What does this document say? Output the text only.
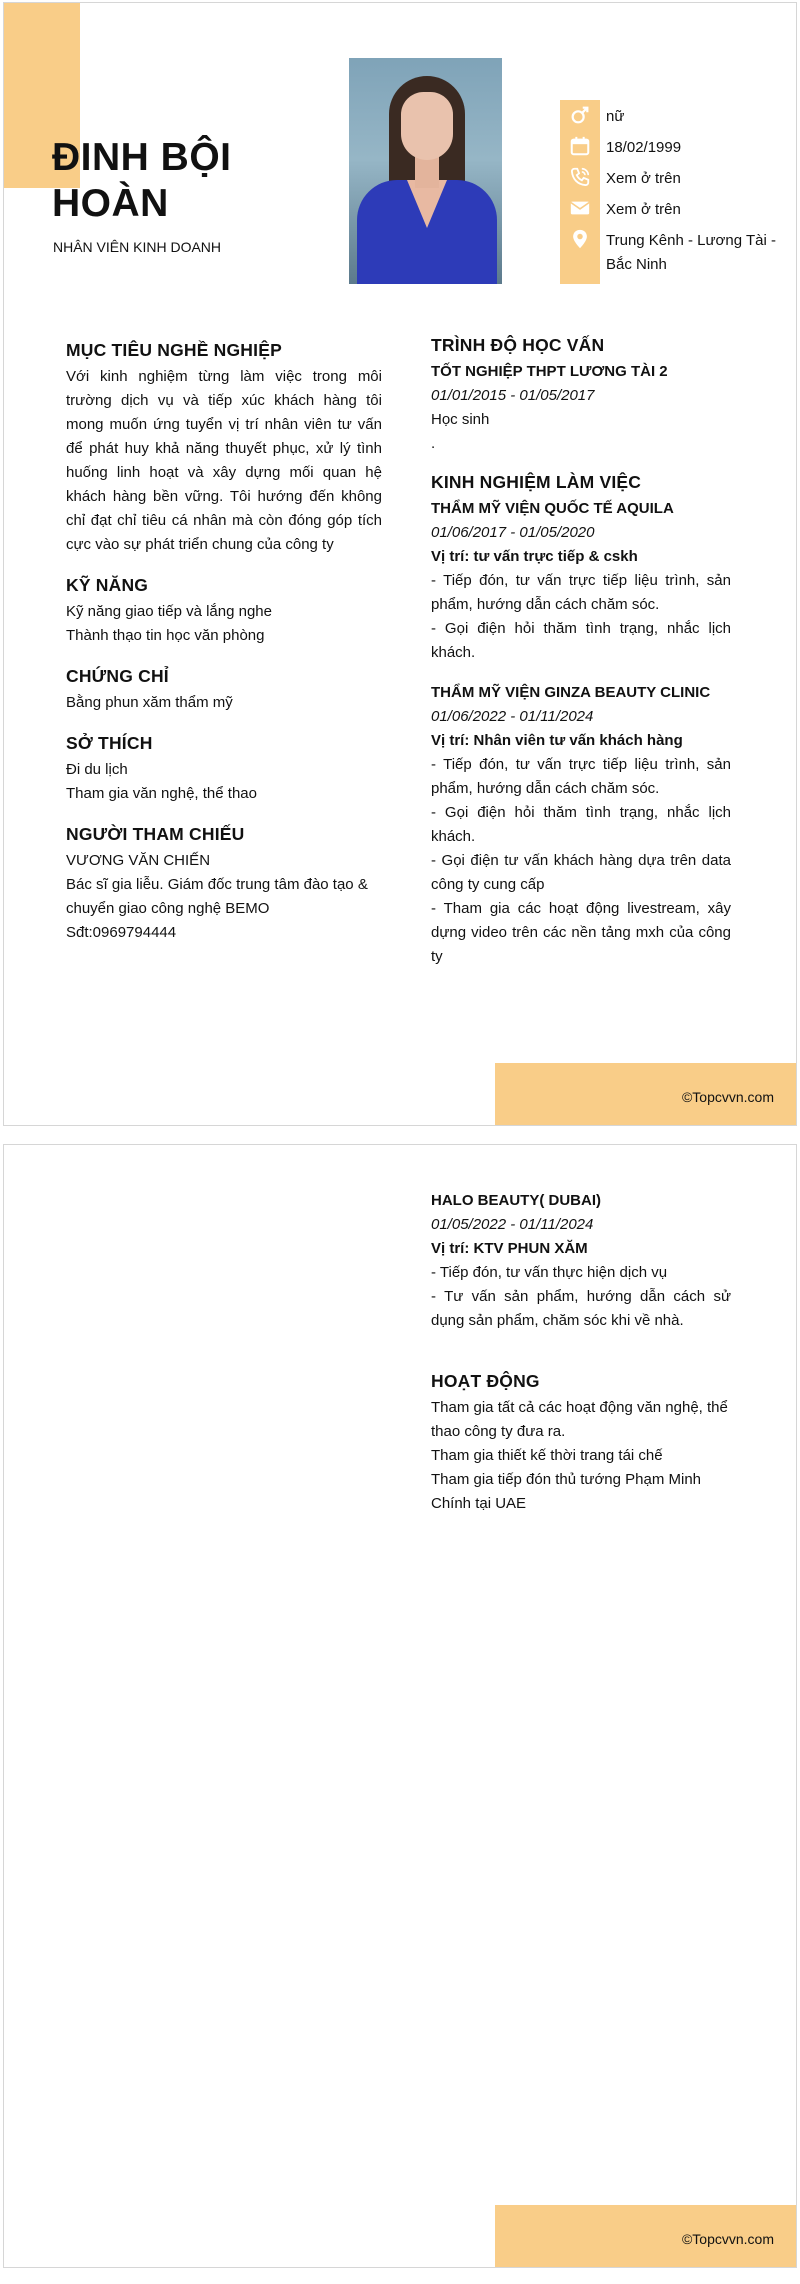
ĐINH BỘI
HOÀN
NHÂN VIÊN KINH DOANH
nữ
18/02/1999
Xem ở trên
Xem ở trên
Trung Kênh - Lương Tài - Bắc Ninh
MỤC TIÊU NGHỀ NGHIỆP

Với kinh nghiệm từng làm việc trong môi trường dịch vụ và tiếp xúc khách hàng tôi mong muốn ứng tuyển vị trí nhân viên tư vấn để phát huy khả năng thuyết phục, xử lý tình huống linh hoạt và xây dựng mối quan hệ khách hàng bền vững. Tôi hướng đến không chỉ đạt chỉ tiêu cá nhân mà còn đóng góp tích cực vào sự phát triển chung của công ty

KỸ NĂNG

Kỹ năng giao tiếp và lắng nghe

Thành thạo tin học văn phòng

CHỨNG CHỈ

Bằng phun xăm thẩm mỹ

SỞ THÍCH

Đi du lịch

Tham gia văn nghệ, thể thao

NGƯỜI THAM CHIẾU

VƯƠNG VĂN CHIẾN

Bác sĩ gia liễu. Giám đốc trung tâm đào tạo & chuyển giao công nghệ BEMO

Sđt:0969794444

TRÌNH ĐỘ HỌC VẤN

TỐT NGHIỆP THPT LƯƠNG TÀI 2

01/01/2015 - 01/05/2017

Học sinh

.

KINH NGHIỆM LÀM VIỆC

THẨM MỸ VIỆN QUỐC TẾ AQUILA

01/06/2017 - 01/05/2020

Vị trí: tư vấn trực tiếp & cskh

- Tiếp đón, tư vấn trực tiếp liệu trình, sản phẩm, hướng dẫn cách chăm sóc.

- Gọi điện hỏi thăm tình trạng, nhắc lịch khách.

THẨM MỸ VIỆN GINZA BEAUTY CLINIC

01/06/2022 - 01/11/2024

Vị trí: Nhân viên tư vấn khách hàng

- Tiếp đón, tư vấn trực tiếp liệu trình, sản phẩm, hướng dẫn cách chăm sóc.

- Gọi điện hỏi thăm tình trạng, nhắc lịch khách.

- Gọi điện tư vấn khách hàng dựa trên data công ty cung cấp

- Tham gia các hoạt động livestream, xây dựng video trên các nền tảng mxh của công ty

©Topcvvn.com

HALO BEAUTY( DUBAI)

01/05/2022 - 01/11/2024

Vị trí: KTV PHUN XĂM

- Tiếp đón, tư vấn thực hiện dịch vụ

- Tư vấn sản phẩm, hướng dẫn cách sử dụng sản phẩm, chăm sóc khi về nhà.

HOẠT ĐỘNG

Tham gia tất cả các hoạt động văn nghệ, thể thao công ty đưa ra.

Tham gia thiết kế thời trang tái chế

Tham gia tiếp đón thủ tướng Phạm Minh Chính tại UAE

©Topcvvn.com
